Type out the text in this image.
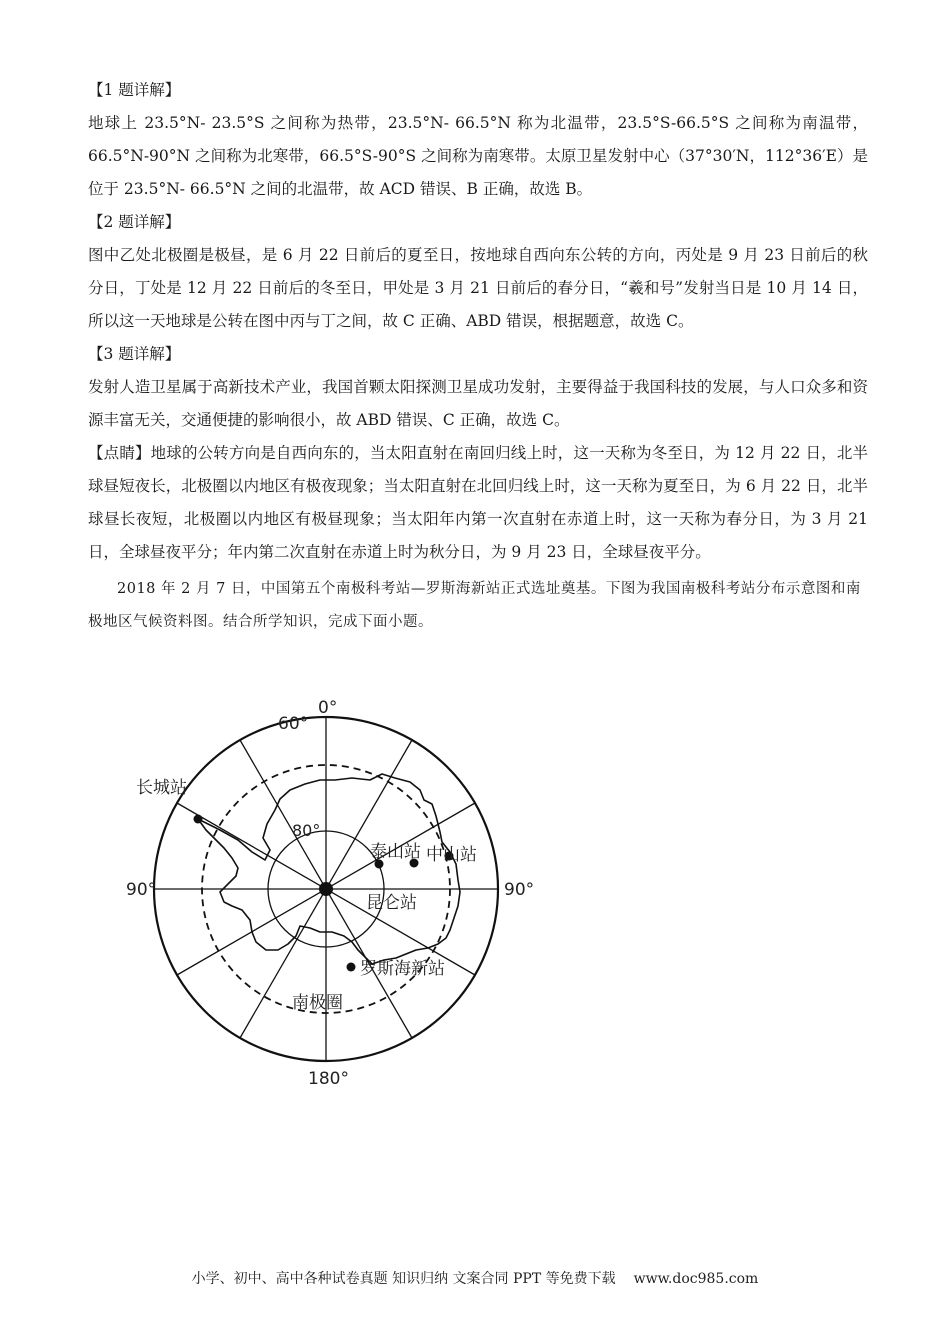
【1 题详解】
地球上 23.5°N- 23.5°S 之间称为热带，23.5°N- 66.5°N 称为北温带，23.5°S-66.5°S 之间称为南温带，66.5°N-90°N 之间称为北寒带，66.5°S-90°S 之间称为南寒带。太原卫星发射中心（37°30′N，112°36′E）是位于 23.5°N- 66.5°N 之间的北温带，故 ACD 错误、B 正确，故选 B。
【2 题详解】
图中乙处北极圈是极昼，是 6 月 22 日前后的夏至日，按地球自西向东公转的方向，丙处是 9 月 23 日前后的秋分日，丁处是 12 月 22 日前后的冬至日，甲处是 3 月 21 日前后的春分日，“羲和号”发射当日是 10 月 14 日，所以这一天地球是公转在图中丙与丁之间，故 C 正确、ABD 错误，根据题意，故选 C。
【3 题详解】
发射人造卫星属于高新技术产业，我国首颗太阳探测卫星成功发射，主要得益于我国科技的发展，与人口众多和资源丰富无关，交通便捷的影响很小，故 ABD 错误、C 正确，故选 C。
【点睛】地球的公转方向是自西向东的，当太阳直射在南回归线上时，这一天称为冬至日，为 12 月 22 日，北半球昼短夜长，北极圈以内地区有极夜现象；当太阳直射在北回归线上时，这一天称为夏至日，为 6 月 22 日，北半球昼长夜短，北极圈以内地区有极昼现象；当太阳年内第一次直射在赤道上时，这一天称为春分日，为 3 月 21 日，全球昼夜平分；年内第二次直射在赤道上时为秋分日，为 9 月 23 日，全球昼夜平分。
2018 年 2 月 7 日，中国第五个南极科考站—罗斯海新站正式选址奠基。下图为我国南极科考站分布示意图和南极地区气候资料图。结合所学知识，完成下面小题。
0°
60°
80°
90°	90°
180°
南极圈
长城站
泰山站 中山站
昆仑站
罗斯海新站
小学、初中、高中各种试卷真题 知识归纳 文案合同 PPT 等免费下载 www.doc985.com
